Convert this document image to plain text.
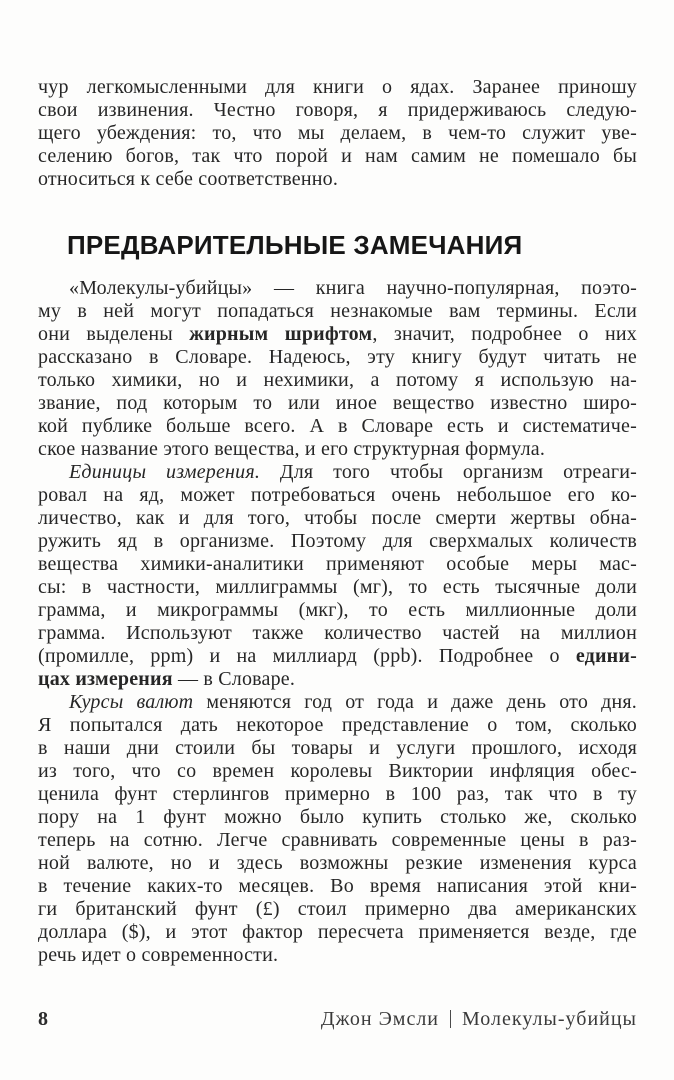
чур легкомысленными для книги о ядах. Заранее приношу
свои извинения. Честно говоря, я придерживаюсь следую-
щего убеждения: то, что мы делаем, в чем-то служит уве-
селению богов, так что порой и нам самим не помешало бы
относиться к себе соответственно.
ПРЕДВАРИТЕЛЬНЫЕ ЗАМЕЧАНИЯ
«Молекулы-убийцы» — книга научно-популярная, поэто-
му в ней могут попадаться незнакомые вам термины. Если
они выделены жирным шрифтом, значит, подробнее о них
рассказано в Словаре. Надеюсь, эту книгу будут читать не
только химики, но и нехимики, а потому я использую на-
звание, под которым то или иное вещество известно широ-
кой публике больше всего. А в Словаре есть и систематиче-
ское название этого вещества, и его структурная формула.
Единицы измерения. Для того чтобы организм отреаги-
ровал на яд, может потребоваться очень небольшое его ко-
личество, как и для того, чтобы после смерти жертвы обна-
ружить яд в организме. Поэтому для сверхмалых количеств
вещества химики-аналитики применяют особые меры мас-
сы: в частности, миллиграммы (мг), то есть тысячные доли
грамма, и микрограммы (мкг), то есть миллионные доли
грамма. Используют также количество частей на миллион
(промилле, ppm) и на миллиард (ppb). Подробнее о едини-
цах измерения — в Словаре.
Курсы валют меняются год от года и даже день ото дня.
Я попытался дать некоторое представление о том, сколько
в наши дни стоили бы товары и услуги прошлого, исходя
из того, что со времен королевы Виктории инфляция обес-
ценила фунт стерлингов примерно в 100 раз, так что в ту
пору на 1 фунт можно было купить столько же, сколько
теперь на сотню. Легче сравнивать современные цены в раз-
ной валюте, но и здесь возможны резкие изменения курса
в течение каких-то месяцев. Во время написания этой кни-
ги британский фунт (£) стоил примерно два американских
доллара ($), и этот фактор пересчета применяется везде, где
речь идет о современности.
8	Джон Эмсли Молекулы-убийцы
